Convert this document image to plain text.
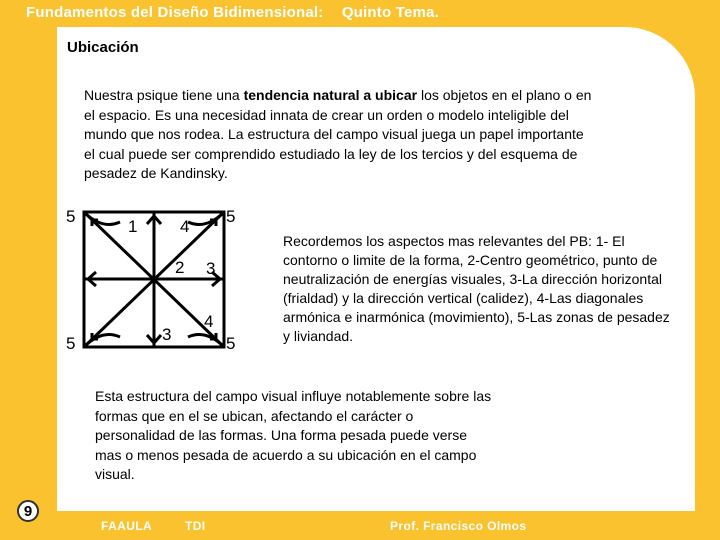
Fundamentos del Diseño Bidimensional: Quinto Tema.
Ubicación
Nuestra psique tiene una tendencia natural a ubicar los objetos en el plano o en el espacio. Es una necesidad innata de crear un orden o modelo inteligible del mundo que nos rodea. La estructura del campo visual juega un papel importante el cual puede ser comprendido estudiado la ley de los tercios y del esquema de pesadez de Kandinsky.
5	5
5	5
1
2 3
3
4
4
Recordemos los aspectos mas relevantes del PB: 1- El contorno o limite de la forma, 2-Centro geométrico, punto de neutralización de energías visuales, 3-La dirección horizontal (frialdad) y la dirección vertical (calidez), 4-Las diagonales armónica e inarmónica (movimiento), 5-Las zonas de pesadez y liviandad.
Esta estructura del campo visual influye notablemente sobre las formas que en el se ubican, afectando el carácter o personalidad de las formas. Una forma pesada puede verse mas o menos pesada de acuerdo a su ubicación en el campo visual.
9
FAAULA	TDI	Prof. Francisco Olmos
